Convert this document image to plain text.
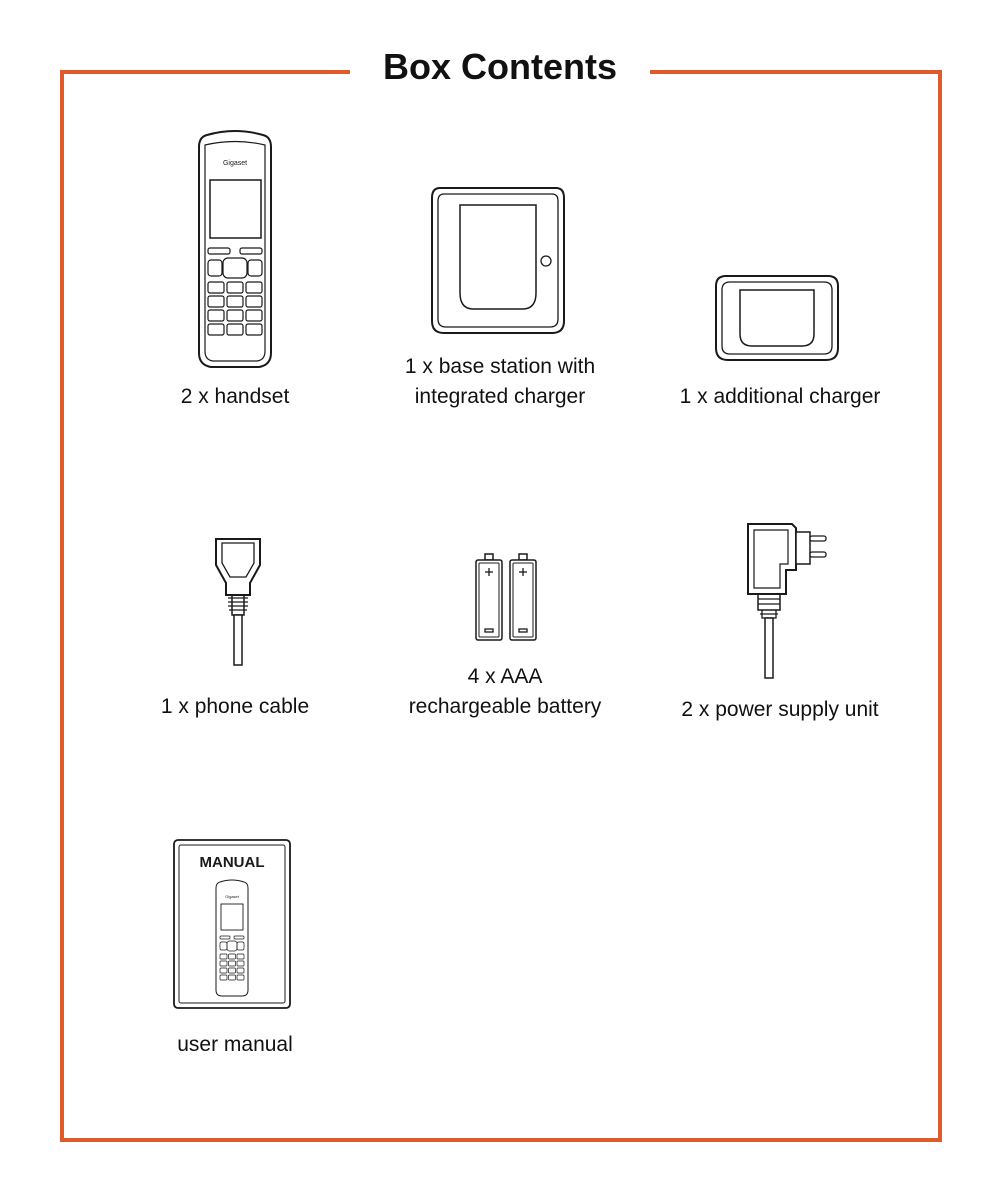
Box Contents
Gigaset
2 x handset
1 x base station with
integrated charger	1 x additional charger
1 x phone cable
4 x AAA
rechargeable battery	2 x power supply unit
MANUAL
Gigaset
user manual
